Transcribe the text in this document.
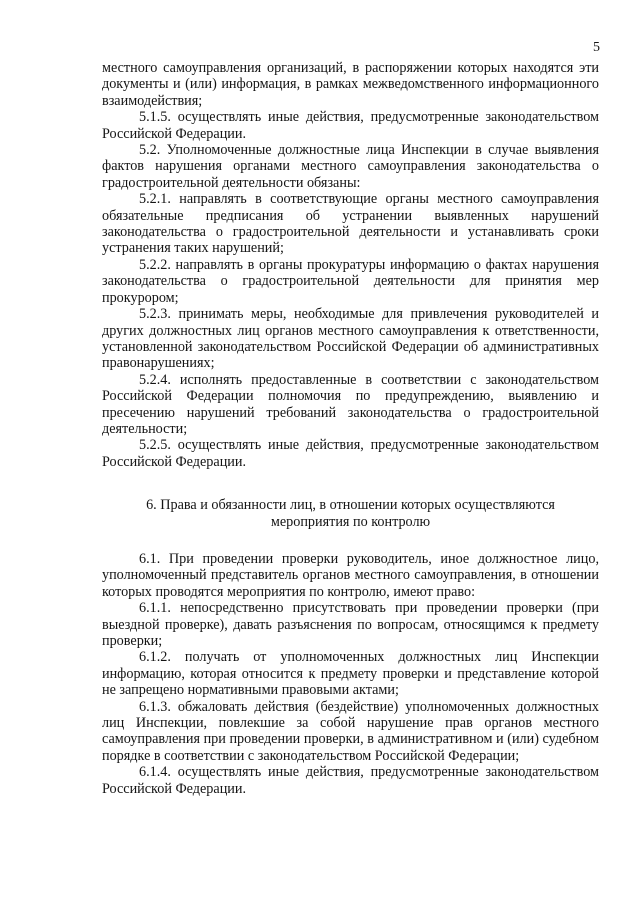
5

местного самоуправления организаций, в распоряжении которых находятся эти документы и (или) информация, в рамках межведомственного информационного взаимодействия;

5.1.5. осуществлять иные действия, предусмотренные законодательством Российской Федерации.

5.2. Уполномоченные должностные лица Инспекции в случае выявления фактов нарушения органами местного самоуправления законодательства о градостроительной деятельности обязаны:

5.2.1. направлять в соответствующие органы местного самоуправления обязательные предписания об устранении выявленных нарушений законодательства о градостроительной деятельности и устанавливать сроки устранения таких нарушений;

5.2.2. направлять в органы прокуратуры информацию о фактах нарушения законодательства о градостроительной деятельности для принятия мер прокурором;

5.2.3. принимать меры, необходимые для привлечения руководителей и других должностных лиц органов местного самоуправления к ответственности, установленной законодательством Российской Федерации об административных правонарушениях;

5.2.4. исполнять предоставленные в соответствии с законодательством Российской Федерации полномочия по предупреждению, выявлению и пресечению нарушений требований законодательства о градостроительной деятельности;

5.2.5. осуществлять иные действия, предусмотренные законодательством Российской Федерации.

6. Права и обязанности лиц, в отношении которых осуществляются
мероприятия по контролю

6.1. При проведении проверки руководитель, иное должностное лицо, уполномоченный представитель органов местного самоуправления, в отношении которых проводятся мероприятия по контролю, имеют право:

6.1.1. непосредственно присутствовать при проведении проверки (при выездной проверке), давать разъяснения по вопросам, относящимся к предмету проверки;

6.1.2. получать от уполномоченных должностных лиц Инспекции информацию, которая относится к предмету проверки и представление которой не запрещено нормативными правовыми актами;

6.1.3. обжаловать действия (бездействие) уполномоченных должностных лиц Инспекции, повлекшие за собой нарушение прав органов местного самоуправления при проведении проверки, в административном и (или) судебном порядке в соответствии с законодательством Российской Федерации;

6.1.4. осуществлять иные действия, предусмотренные законодательством Российской Федерации.
